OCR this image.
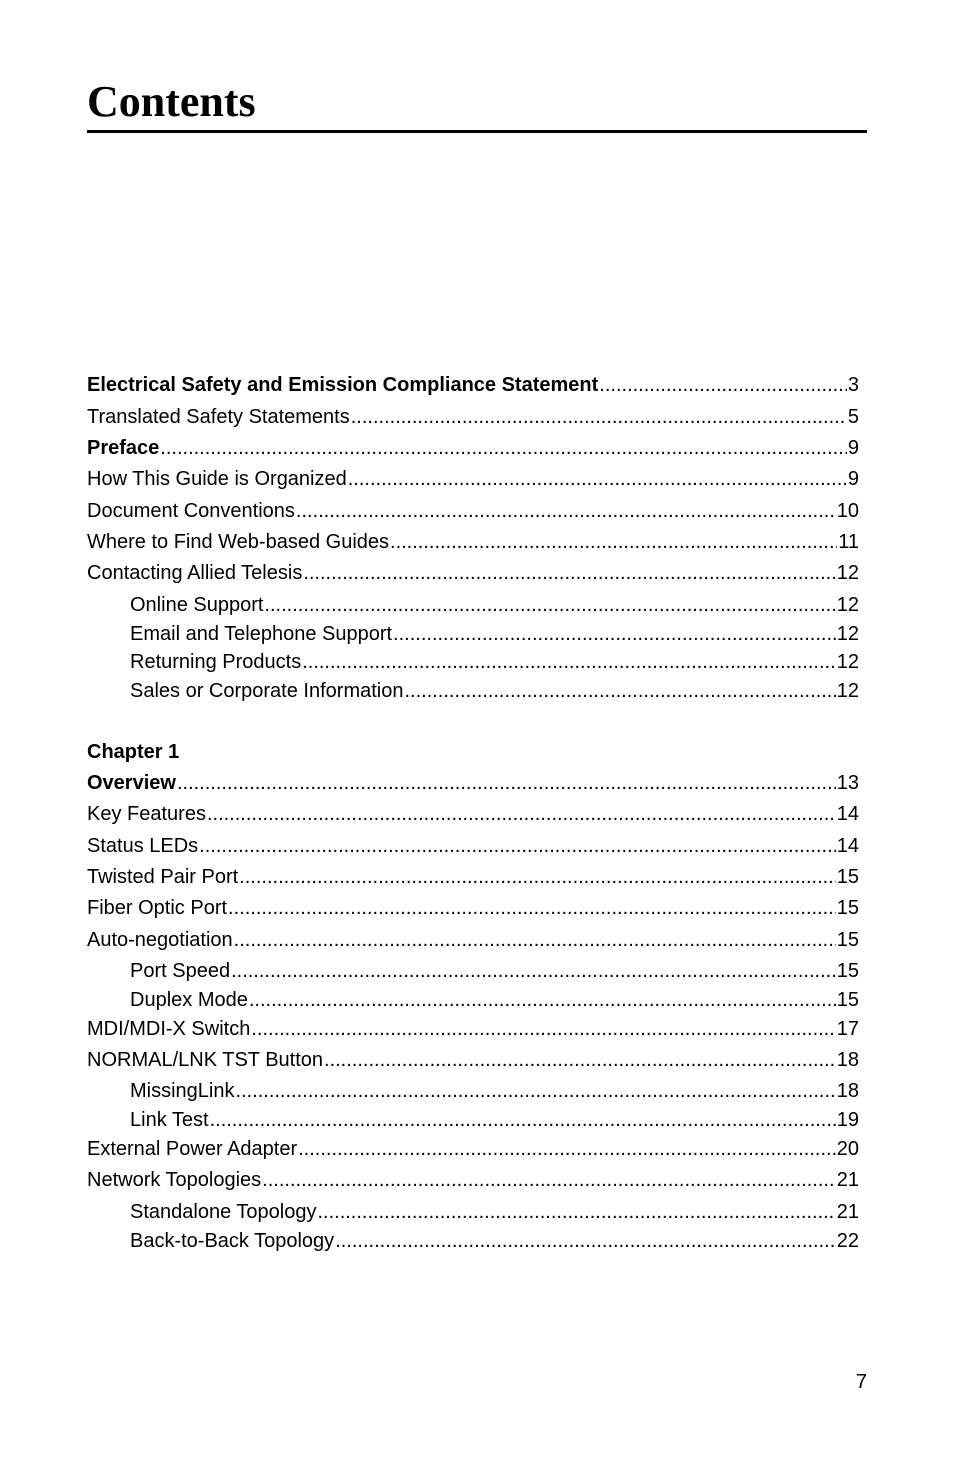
Contents
Chapter 1
Electrical Safety and Emission Compliance Statement .....	3
Translated Safety Statements .....	5
Preface .....	9
How This Guide is Organized .....	9
Document Conventions .....	10
Where to Find Web-based Guides .....	11
Contacting Allied Telesis .....	12
Online Support .....	12
Email and Telephone Support .....	12
Returning Products .....	12
Sales or Corporate Information .....	12
Overview .....	13
Key Features .....	14
Status LEDs .....	14
Twisted Pair Port .....	15
Fiber Optic Port .....	15
Auto-negotiation .....	15
Port Speed .....	15
Duplex Mode .....	15
MDI/MDI-X Switch .....	17
NORMAL/LNK TST Button .....	18
MissingLink .....	18
Link Test .....	19
External Power Adapter .....	20
Network Topologies .....	21
Standalone Topology .....	21
Back-to-Back Topology .....	22
7
